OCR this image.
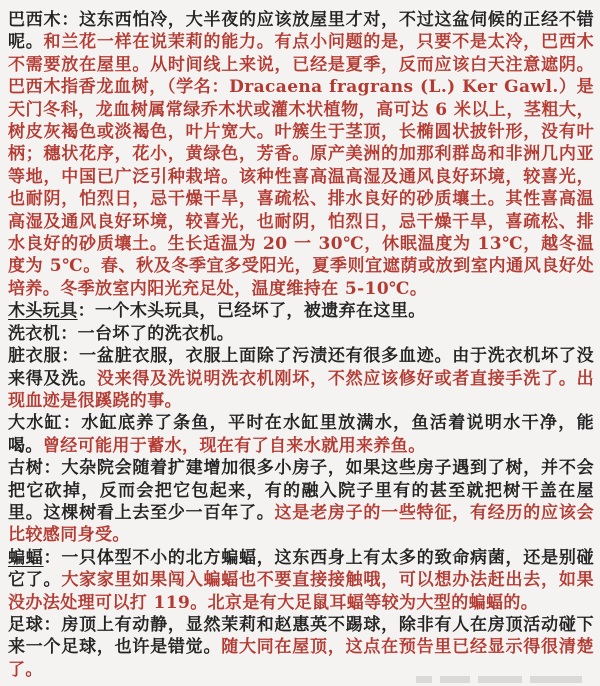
巴西木：这东西怕冷，大半夜的应该放屋里才对，不过这盆伺候的正经不错呢。和兰花一样在说茉莉的能力。有点小问题的是，只要不是太冷，巴西木不需要放在屋里。从时间线上来说，已经是夏季，反而应该白天注意遮阴。巴西木指香龙血树，（学名：Dracaena fragrans (L.) Ker Gawl.）是天门冬科，龙血树属常绿乔木状或灌木状植物，高可达 6 米以上，茎粗大，树皮灰褐色或淡褐色，叶片宽大。叶簇生于茎顶，长椭圆状披针形，没有叶柄；穗状花序，花小，黄绿色，芳香。原产美洲的加那利群岛和非洲几内亚等地，中国已广泛引种栽培。该种性喜高温高湿及通风良好环境，较喜光，也耐阴，怕烈日，忌干燥干旱，喜疏松、排水良好的砂质壤土。其性喜高温高湿及通风良好环境，较喜光，也耐阴，怕烈日，忌干燥干旱，喜疏松、排水良好的砂质壤土。生长适温为 20 一 30℃，休眠温度为 13℃，越冬温度为 5℃。春、秋及冬季宜多受阳光，夏季则宜遮荫或放到室内通风良好处培养。冬季放室内阳光充足处，温度维持在 5-10℃。

木头玩具：一个木头玩具，已经坏了，被遗弃在这里。

洗衣机：一台坏了的洗衣机。

脏衣服：一盆脏衣服，衣服上面除了污渍还有很多血迹。由于洗衣机坏了没来得及洗。没来得及洗说明洗衣机刚坏，不然应该修好或者直接手洗了。出现血迹是很蹊跷的事。

大水缸：水缸底养了条鱼，平时在水缸里放满水，鱼活着说明水干净，能喝。曾经可能用于蓄水，现在有了自来水就用来养鱼。

古树：大杂院会随着扩建增加很多小房子，如果这些房子遇到了树，并不会把它砍掉，反而会把它包起来，有的融入院子里有的甚至就把树干盖在屋里。这棵树看上去至少一百年了。这是老房子的一些特征，有经历的应该会比较感同身受。

蝙蝠：一只体型不小的北方蝙蝠，这东西身上有太多的致命病菌，还是别碰它了。大家家里如果闯入蝙蝠也不要直接接触哦，可以想办法赶出去，如果没办法处理可以打 119。北京是有大足鼠耳蝠等较为大型的蝙蝠的。

足球：房顶上有动静，显然茉莉和赵惠英不踢球，除非有人在房顶活动碰下来一个足球，也许是错觉。随大同在屋顶，这点在预告里已经显示得很清楚了。
